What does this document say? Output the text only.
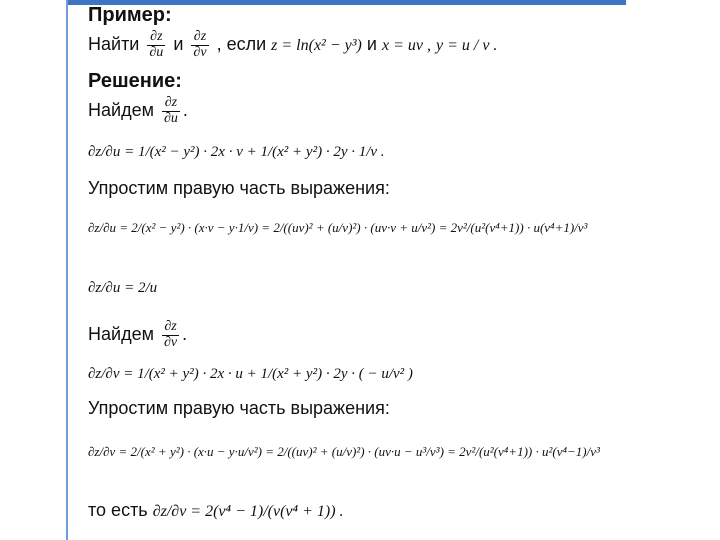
Пример:
Найти $\frac{\partial z}{\partial u}$ и $\frac{\partial z}{\partial v}$ , если z = ln(x² − y³) и x = uv , y = u / v .
Решение:
Найдем $\frac{\partial z}{\partial u}$ .
∂z/∂u = 1/(x² − y²) · 2x · v + 1/(x² + y²) · 2y · 1/v .
Упростим правую часть выражения:
∂z/∂u = 2/(x² − y²) · (x·v − y·1/v) = 2/((uv)² + (u/v)²) · (uv·v + u/v²) = 2v²/(u²(v⁴+1)) · u(v⁴+1)/v³
∂z/∂u = 2/u
Найдем $\frac{\partial z}{\partial v}$ .
∂z/∂v = 1/(x² + y²) · 2x · u + 1/(x² + y²) · 2y · ( − u/v² )
Упростим правую часть выражения:
∂z/∂v = 2/(x² + y²) · (x·u − y·u/v²) = 2/((uv)² + (u/v)²) · (uv·u − u³/v³) = 2v²/(u²(v⁴+1)) · u²(v⁴−1)/v³
то есть ∂z/∂v = 2(v⁴ − 1)/(v(v⁴ + 1)) .
